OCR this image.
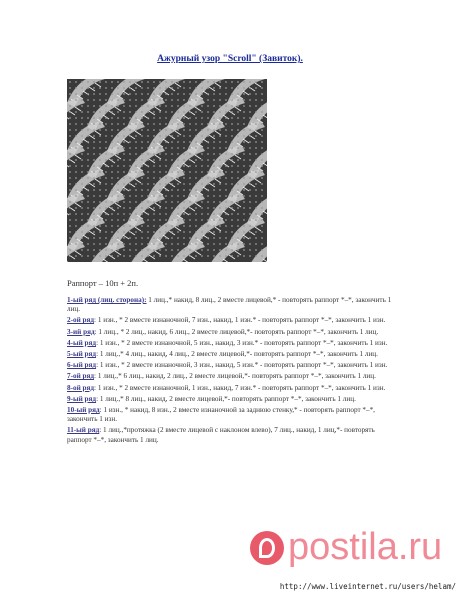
Ажурный узор "Scroll" (Завиток).
Раппорт – 10п + 2п.
1-ый ряд (лиц. сторона): 1 лиц.,* накид, 8 лиц., 2 вместе лицевой,* - повторять раппорт *–*, закончить 1 лиц.
2-ой ряд: 1 изн., * 2 вместе изнаночной, 7 изн., накид, 1 изн.* - повторять раппорт *–*, закончить 1 изн.
3-ий ряд: 1 лиц., * 2 лиц., накид, 6 лиц., 2 вместе лицевой,*- повторять раппорт *–*, закончить 1 лиц.
4-ый ряд: 1 изн., * 2 вместе изнаночной, 5 изн., накид, 3 изн.* - повторять раппорт *–*, закончить 1 изн.
5-ый ряд: 1 лиц.,* 4 лиц., накид, 4 лиц., 2 вместе лицевой,*- повторять раппорт *–*, закончить 1 лиц.
6-ый ряд: 1 изн., * 2 вместе изнаночной, 3 изн., накид, 5 изн.* - повторять раппорт *–*, закончить 1 изн.
7-ой ряд: 1 лиц.,* 6 лиц., накид, 2 лиц., 2 вместе лицевой,*- повторять раппорт *–*, закончить 1 лиц.
8-ой ряд: 1 изн., * 2 вместе изнаночной, 1 изн., накид, 7 изн.* - повторять раппорт *–*, закончить 1 изн.
9-ый ряд: 1 лиц.,* 8 лиц., накид, 2 вместе лицевой,*- повторять раппорт *–*, закончить 1 лиц.
10-ый ряд: 1 изн., * накид, 8 изн., 2 вместе изнаночной за заднюю стенку,* - повторять раппорт *–*, закончить 1 изн.
11-ый ряд: 1 лиц.,*протяжка (2 вместе лицевой с наклоном влево), 7 лиц., накид, 1 лиц,*- повторять раппорт *–*, закончить 1 лиц.
postila.ru
http://www.liveinternet.ru/users/helam/
